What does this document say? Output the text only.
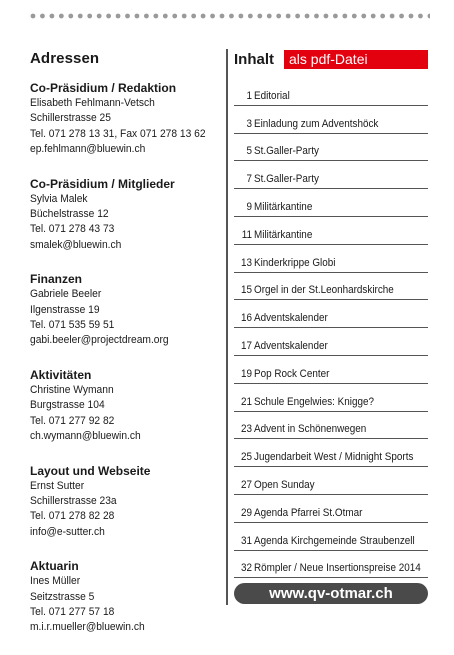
Adressen
Co-Präsidium / Redaktion
Elisabeth Fehlmann-Vetsch
Schillerstrasse 25
Tel. 071 278 13 31, Fax 071 278 13 62
ep.fehlmann@bluewin.ch
Co-Präsidium / Mitglieder
Sylvia Malek
Büchelstrasse 12
Tel. 071 278 43 73
smalek@bluewin.ch
Finanzen
Gabriele Beeler
Ilgenstrasse 19
Tel. 071 535 59 51
gabi.beeler@projectdream.org
Aktivitäten
Christine Wymann
Burgstrasse 104
Tel. 071 277 92 82
ch.wymann@bluewin.ch
Layout und Webseite
Ernst Sutter
Schillerstrasse 23a
Tel. 071 278 82 28
info@e-sutter.ch
Aktuarin
Ines Müller
Seitzstrasse 5
Tel. 071 277 57 18
m.i.r.mueller@bluewin.ch
Inhalt	als pdf-Datei
1 Editorial
3 Einladung zum Adventshöck
5 St.Galler-Party
7 St.Galler-Party
9 Militärkantine
11 Militärkantine
13 Kinderkrippe Globi
15 Orgel in der St.Leonhardskirche
16 Adventskalender
17 Adventskalender
19 Pop Rock Center
21 Schule Engelwies: Knigge?
23 Advent in Schönenwegen
25 Jugendarbeit West / Midnight Sports
27 Open Sunday
29 Agenda Pfarrei St.Otmar
31 Agenda Kirchgemeinde Straubenzell
32 Römpler / Neue Insertionspreise 2014
www.qv-otmar.ch
